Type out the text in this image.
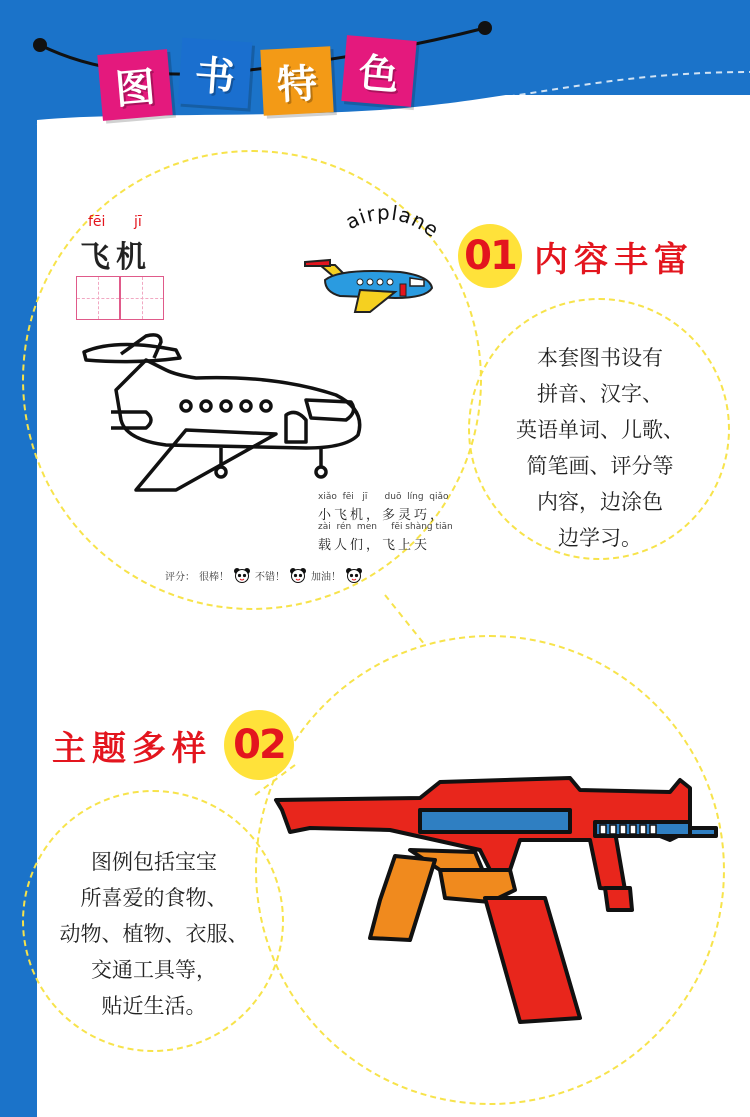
图 书 特 色
01 内容丰富
本套图书设有
拼音、汉字、
英语单词、儿歌、
简笔画、评分等
内容，边涂色
边学习。
fēi jī
飞机
airplane
xiǎo  fēi   jī      duō  líng  qiǎo
小飞机，多灵巧，
zài  rén  men     fēi shàng tiān
载人们，飞上天
评分： 很棒！	不错！	加油！
主题多样 02
图例包括宝宝
所喜爱的食物、
动物、植物、衣服、
交通工具等，
贴近生活。
